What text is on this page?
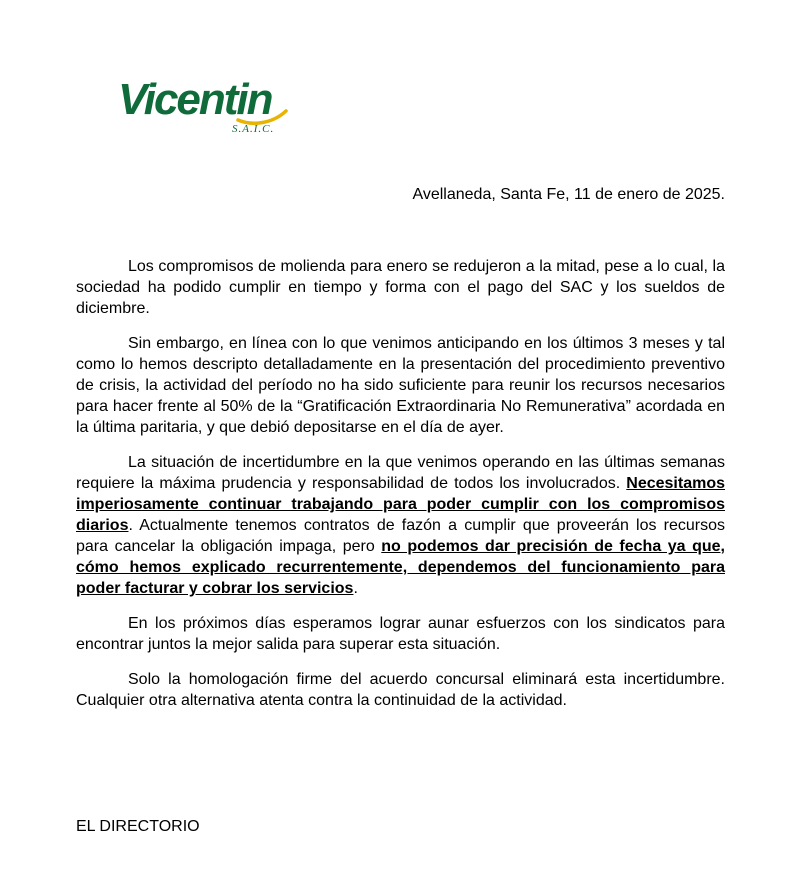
Vicentin
S.A.I.C.
Avellaneda, Santa Fe, 11 de enero de 2025.

Los compromisos de molienda para enero se redujeron a la mitad, pese a lo cual, la sociedad ha podido cumplir en tiempo y forma con el pago del SAC y los sueldos de diciembre.

Sin embargo, en línea con lo que venimos anticipando en los últimos 3 meses y tal como lo hemos descripto detalladamente en la presentación del procedimiento preventivo de crisis, la actividad del período no ha sido suficiente para reunir los recursos necesarios para hacer frente al 50% de la “Gratificación Extraordinaria No Remunerativa” acordada en la última paritaria, y que debió depositarse en el día de ayer.

La situación de incertidumbre en la que venimos operando en las últimas semanas requiere la máxima prudencia y responsabilidad de todos los involucrados. Necesitamos imperiosamente continuar trabajando para poder cumplir con los compromisos diarios. Actualmente tenemos contratos de fazón a cumplir que proveerán los recursos para cancelar la obligación impaga, pero no podemos dar precisión de fecha ya que, cómo hemos explicado recurrentemente, dependemos del funcionamiento para poder facturar y cobrar los servicios.

En los próximos días esperamos lograr aunar esfuerzos con los sindicatos para encontrar juntos la mejor salida para superar esta situación.

Solo la homologación firme del acuerdo concursal eliminará esta incertidumbre. Cualquier otra alternativa atenta contra la continuidad de la actividad.

EL DIRECTORIO
